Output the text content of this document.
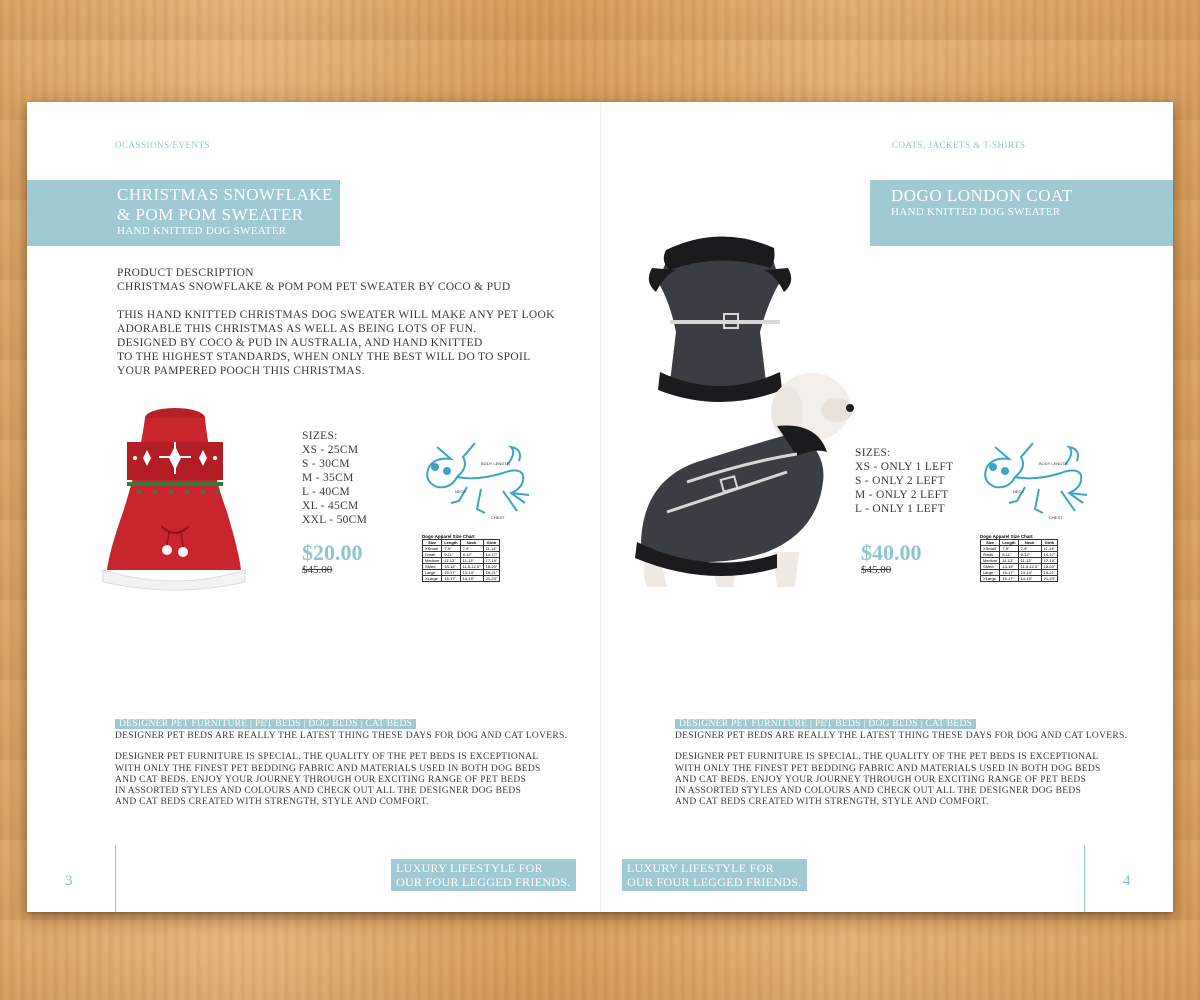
OCASSIONS/EVENTS
CHRISTMAS SNOWFLAKE
& POM POM SWEATER
HAND KNITTED DOG SWEATER
PRODUCT DESCRIPTION
CHRISTMAS SNOWFLAKE & POM POM PET SWEATER BY COCO & PUD
THIS HAND KNITTED CHRISTMAS DOG SWEATER WILL MAKE ANY PET LOOK
ADORABLE THIS CHRISTMAS AS WELL AS BEING LOTS OF FUN.
DESIGNED BY COCO & PUD IN AUSTRALIA, AND HAND KNITTED
TO THE HIGHEST STANDARDS, WHEN ONLY THE BEST WILL DO TO SPOIL
YOUR PAMPERED POOCH THIS CHRISTMAS.
SIZES:
XS - 25CM
S - 30CM
M - 35CM
L - 40CM
XL - 45CM
XXL - 50CM
$20.00
$45.00
BODY LENGTH
NECK
CHEST
Dogo Apparel Size Chart
Size	Length	Neck	Girth
XSmall	7-9"	7-9"	11-14"
Small	9-11"	9-12"	14-17"
Medium	11-13"	11-13"	17-19"
SMed	13-15"	11.5-12.5"	18-20"
Large	15-17"	13-14"	19-21"
XLarge	15-17"	14-15"	21-23"
DESIGNER PET FURNITURE | PET BEDS | DOG BEDS | CAT BEDS
DESIGNER PET BEDS ARE REALLY THE LATEST THING THESE DAYS FOR DOG AND CAT LOVERS.
DESIGNER PET FURNITURE IS SPECIAL. THE QUALITY OF THE PET BEDS IS EXCEPTIONAL
WITH ONLY THE FINEST PET BEDDING FABRIC AND MATERIALS USED IN BOTH DOG BEDS
AND CAT BEDS. ENJOY YOUR JOURNEY THROUGH OUR EXCITING RANGE OF PET BEDS
IN ASSORTED STYLES AND COLOURS AND CHECK OUT ALL THE DESIGNER DOG BEDS
AND CAT BEDS CREATED WITH STRENGTH, STYLE AND COMFORT.
3
LUXURY LIFESTYLE FOR
OUR FOUR LEGGED FRIENDS.
COATS, JACKETS & T-SHIRTS
DOGO LONDON COAT
HAND KNITTED DOG SWEATER
SIZES:
XS - ONLY 1 LEFT
S - ONLY 2 LEFT
M - ONLY 2 LEFT
L - ONLY 1 LEFT
$40.00
$45.00
BODY LENGTH
NECK
CHEST
Dogo Apparel Size Chart
Size	Length	Neck	Girth
XSmall	7-9"	7-9"	11-14"
Small	9-11"	9-12"	14-17"
Medium	11-13"	11-13"	17-19"
SMed	13-15"	11.5-12.5"	18-20"
Large	15-17"	13-14"	19-21"
XLarge	15-17"	14-15"	21-23"
DESIGNER PET FURNITURE | PET BEDS | DOG BEDS | CAT BEDS
DESIGNER PET BEDS ARE REALLY THE LATEST THING THESE DAYS FOR DOG AND CAT LOVERS.
DESIGNER PET FURNITURE IS SPECIAL. THE QUALITY OF THE PET BEDS IS EXCEPTIONAL
WITH ONLY THE FINEST PET BEDDING FABRIC AND MATERIALS USED IN BOTH DOG BEDS
AND CAT BEDS. ENJOY YOUR JOURNEY THROUGH OUR EXCITING RANGE OF PET BEDS
IN ASSORTED STYLES AND COLOURS AND CHECK OUT ALL THE DESIGNER DOG BEDS
AND CAT BEDS CREATED WITH STRENGTH, STYLE AND COMFORT.
LUXURY LIFESTYLE FOR
OUR FOUR LEGGED FRIENDS.	4
